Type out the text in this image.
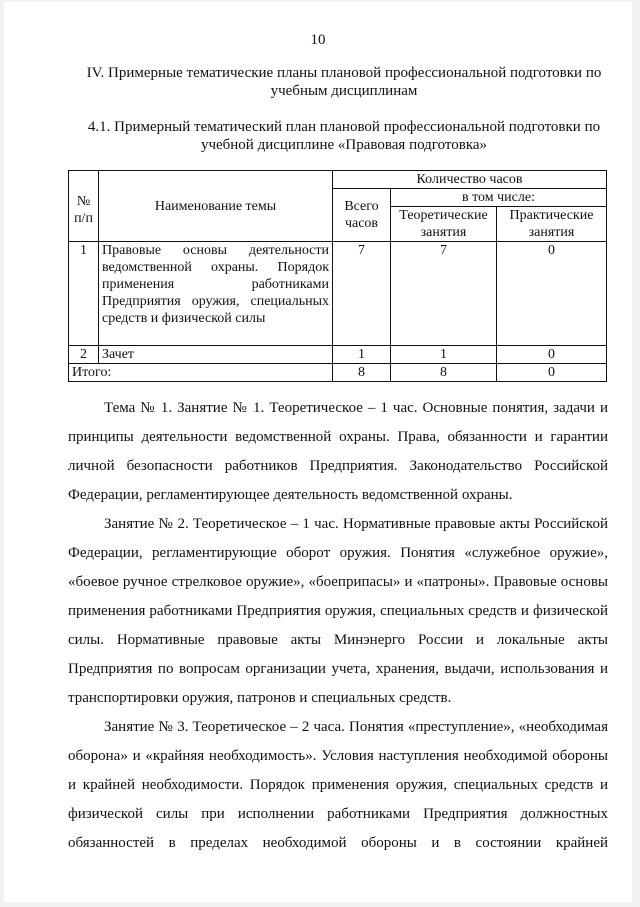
10
IV. Примерные тематические планы плановой профессиональной подготовки по учебным дисциплинам
4.1. Примерный тематический план плановой профессиональной подготовки по учебной дисциплине «Правовая подготовка»
№ п/п	Наименование темы	Количество часов		
		Всего часов	в том числе:	
			Теоретические занятия	Практические занятия
1	Правовые основы деятельности ведомственной охраны. Порядок применения работниками Предприятия оружия, специальных средств и физической силы	7	7	0
2	Зачет	1	1	0
Итого:		8	8	0

Тема № 1. Занятие № 1. Теоретическое – 1 час. Основные понятия, задачи и принципы деятельности ведомственной охраны. Права, обязанности и гарантии личной безопасности работников Предприятия. Законодательство Российской Федерации, регламентирующее деятельность ведомственной охраны.

Занятие № 2. Теоретическое – 1 час. Нормативные правовые акты Российской Федерации, регламентирующие оборот оружия. Понятия «служебное оружие», «боевое ручное стрелковое оружие», «боеприпасы» и «патроны». Правовые основы применения работниками Предприятия оружия, специальных средств и физической силы. Нормативные правовые акты Минэнерго России и локальные акты Предприятия по вопросам организации учета, хранения, выдачи, использования и транспортировки оружия, патронов и специальных средств.

Занятие № 3. Теоретическое – 2 часа. Понятия «преступление», «необходимая оборона» и «крайняя необходимость». Условия наступления необходимой обороны и крайней необходимости. Порядок применения оружия, специальных средств и физической силы при исполнении работниками Предприятия должностных обязанностей в пределах необходимой обороны и в состоянии крайней
